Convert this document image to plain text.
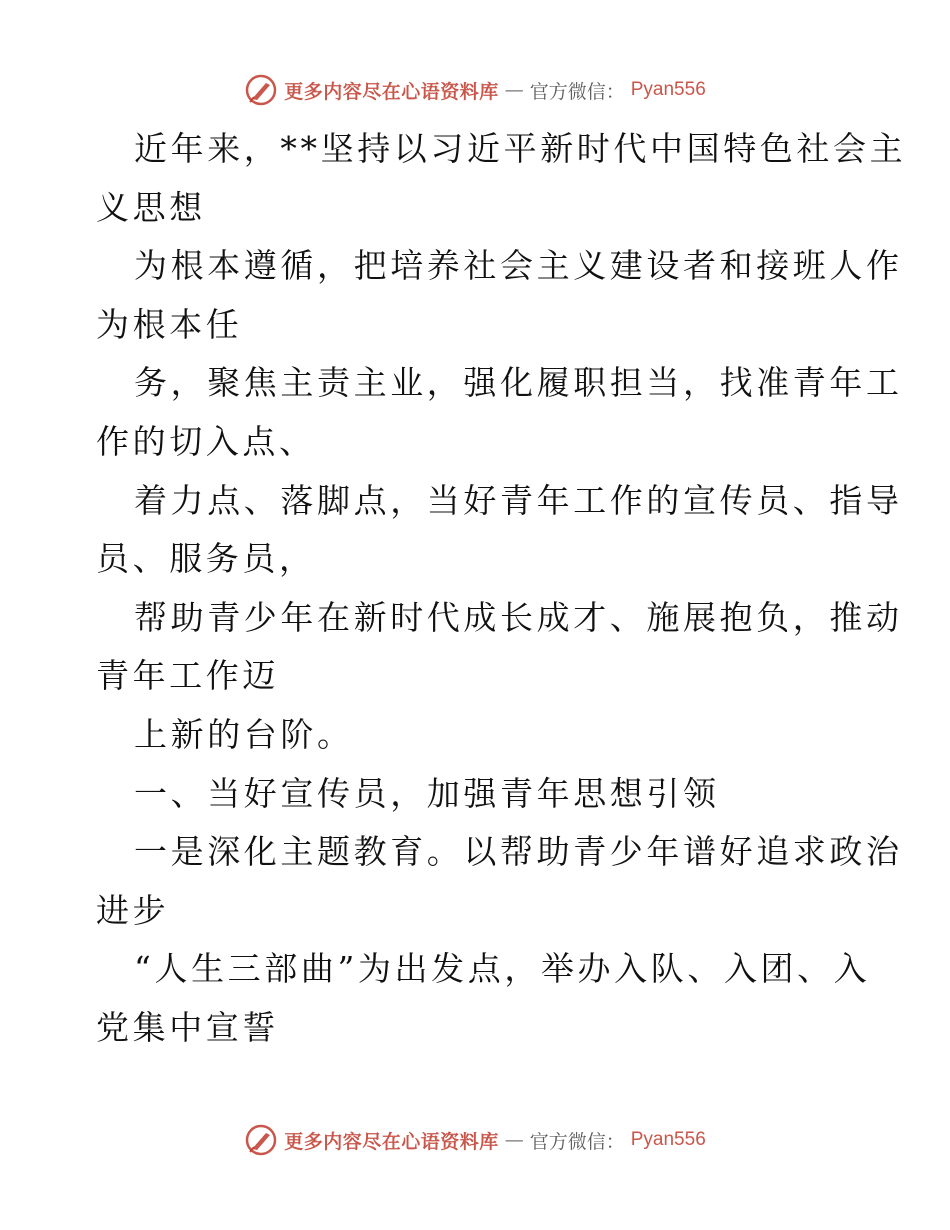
更多内容尽在心语资料库 — 官方微信： Pyan556
近年来，**坚持以习近平新时代中国特色社会主
义思想
为根本遵循，把培养社会主义建设者和接班人作
为根本任
务，聚焦主责主业，强化履职担当，找准青年工
作的切入点、
着力点、落脚点，当好青年工作的宣传员、指导
员、服务员，
帮助青少年在新时代成长成才、施展抱负，推动
青年工作迈
上新的台阶。
一、当好宣传员，加强青年思想引领
一是深化主题教育。以帮助青少年谱好追求政治
进步
“人生三部曲”为出发点，举办入队、入团、入
党集中宣誓
更多内容尽在心语资料库 — 官方微信： Pyan556
